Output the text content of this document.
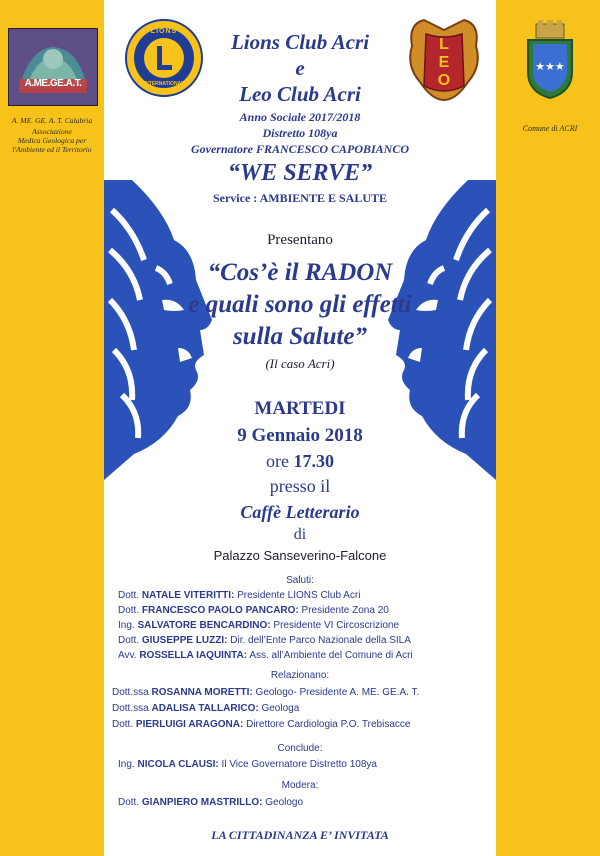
A.ME.GE.A.T.
A. ME. GE. A. T. Calabria
Associazione
Medica Geologica per
l'Ambiente ed il Territorio
★★★
Comune di ACRI
LIONS
INTERNATIONAL
L
E
O
Lions Club Acri
e
Leo Club Acri
Anno Sociale 2017/2018
Distretto 108ya
Governatore FRANCESCO CAPOBIANCO
“WE SERVE”
Service : AMBIENTE E SALUTE
Presentano
“Cos’è il RADON
e quali sono gli effetti
sulla Salute”
(Il caso Acri)
MARTEDI
9 Gennaio 2018
ore 17.30
presso il
Caffè Letterario
di
Palazzo Sanseverino-Falcone
Saluti:
Dott. NATALE VITERITTI: Presidente LIONS Club Acri
Dott. FRANCESCO PAOLO PANCARO: Presidente Zona 20
Ing. SALVATORE BENCARDINO: Presidente VI Circoscrizione
Dott. GIUSEPPE LUZZI: Dir. dell’Ente Parco Nazionale della SILA
Avv. ROSSELLA IAQUINTA: Ass. all’Ambiente del Comune di Acri
Relazionano:
Dott.ssa ROSANNA MORETTI: Geologo- Presidente A. ME. GE.A. T.
Dott.ssa ADALISA TALLARICO: Geologa
Dott. PIERLUIGI ARAGONA: Direttore Cardiologia P.O. Trebisacce
Conclude:
Ing. NICOLA CLAUSI: Il Vice Governatore Distretto 108ya
Modera:
Dott. GIANPIERO MASTRILLO: Geologo
LA CITTADINANZA E’ INVITATA
